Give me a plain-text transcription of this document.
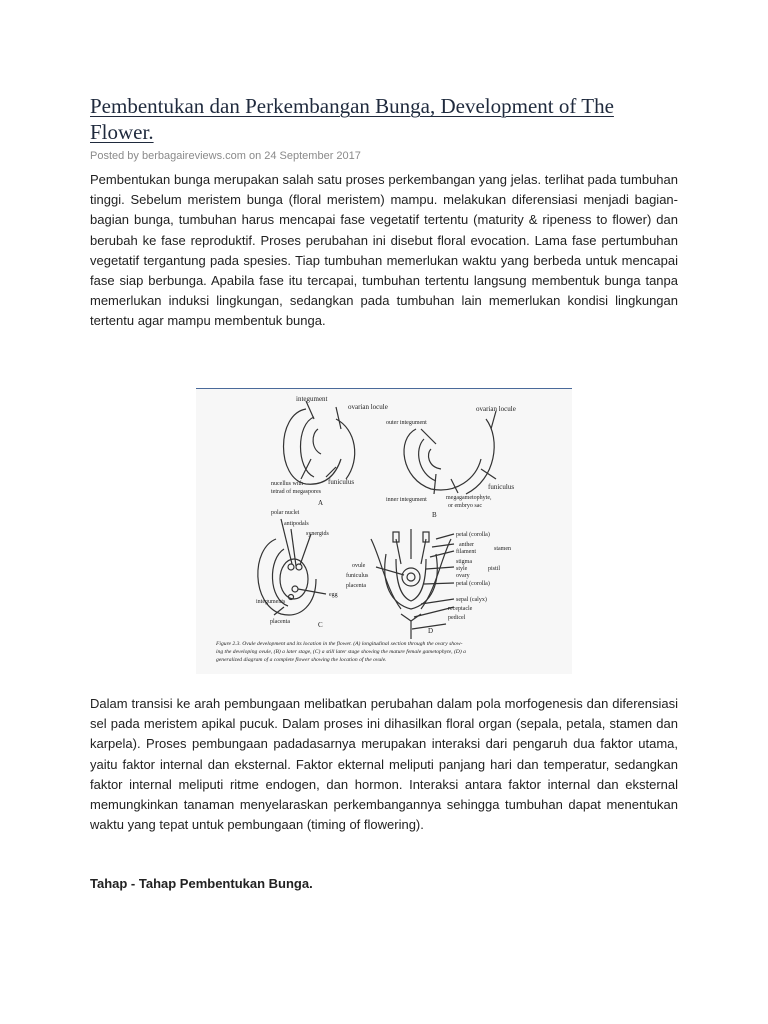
Pembentukan dan Perkembangan Bunga, Development of The Flower.
Posted by berbagaireviews.com on 24 September 2017

Pembentukan bunga merupakan salah satu proses perkembangan yang jelas. terlihat pada tumbuhan tinggi. Sebelum meristem bunga (floral meristem) mampu. melakukan diferensiasi menjadi bagian-bagian bunga, tumbuhan harus mencapai fase vegetatif tertentu (maturity & ripeness to flower) dan berubah ke fase reproduktif. Proses perubahan ini disebut floral evocation. Lama fase pertumbuhan vegetatif tergantung pada spesies. Tiap tumbuhan memerlukan waktu yang berbeda untuk mencapai fase siap berbunga. Apabila fase itu tercapai, tumbuhan tertentu langsung membentuk bunga tanpa memerlukan induksi lingkungan, sedangkan pada tumbuhan lain memerlukan kondisi lingkungan tertentu agar mampu membentuk bunga.

integument
ovarian locule
nucellus with
tetrad of megaspores
funiculus
A
outer integument
ovarian locule
inner integument	megagametophyte,
or embryo sac
funiculus
B
polar nuclei
antipodals
synergids
egg
integuments
placenta	C
ovule
funiculus
placenta
petal (corolla)
anther
filament	stamen
stigma
style
ovary
pistil
petal (corolla)
sepal (calyx)
receptacle
pedicel
D
Figure 2.3. Ovule development and its location in the flower. (A) longitudinal section through the ovary show-
ing the developing ovule, (B) a later stage, (C) a still later stage showing the mature female gametophyte, (D) a
generalized diagram of a complete flower showing the location of the ovule.

Dalam transisi ke arah pembungaan melibatkan perubahan dalam pola morfogenesis dan diferensiasi sel pada meristem apikal pucuk. Dalam proses ini dihasilkan floral organ (sepala, petala, stamen dan karpela). Proses pembungaan padadasarnya merupakan interaksi dari pengaruh dua faktor utama, yaitu faktor internal dan eksternal. Faktor ekternal meliputi panjang hari dan temperatur, sedangkan faktor internal meliputi ritme endogen, dan hormon. Interaksi antara faktor internal dan eksternal memungkinkan tanaman menyelaraskan perkembangannya sehingga tumbuhan dapat menentukan waktu yang tepat untuk pembungaan (timing of flowering).

Tahap - Tahap Pembentukan Bunga.
